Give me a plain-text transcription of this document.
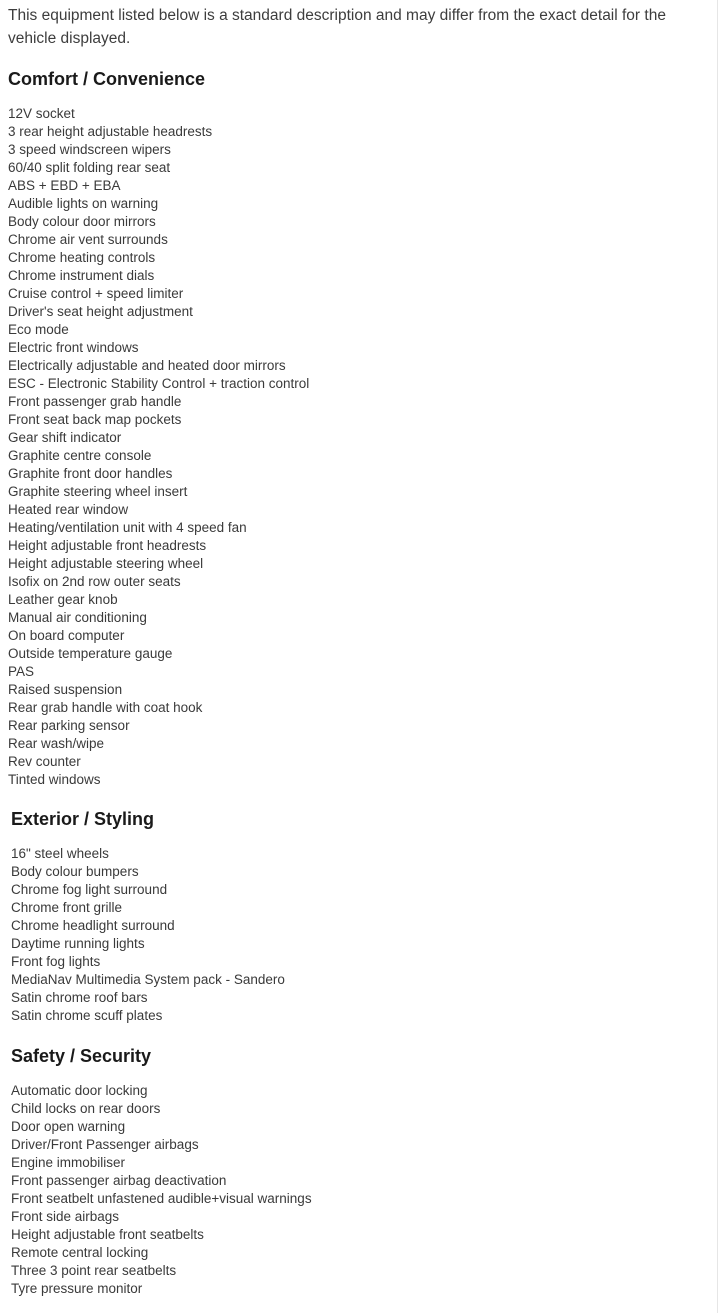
This equipment listed below is a standard description and may differ from the exact detail for the vehicle displayed.

Comfort / Convenience
12V socket
3 rear height adjustable headrests
3 speed windscreen wipers
60/40 split folding rear seat
ABS + EBD + EBA
Audible lights on warning
Body colour door mirrors
Chrome air vent surrounds
Chrome heating controls
Chrome instrument dials
Cruise control + speed limiter
Driver's seat height adjustment
Eco mode
Electric front windows
Electrically adjustable and heated door mirrors
ESC - Electronic Stability Control + traction control
Front passenger grab handle
Front seat back map pockets
Gear shift indicator
Graphite centre console
Graphite front door handles
Graphite steering wheel insert
Heated rear window
Heating/ventilation unit with 4 speed fan
Height adjustable front headrests
Height adjustable steering wheel
Isofix on 2nd row outer seats
Leather gear knob
Manual air conditioning
On board computer
Outside temperature gauge
PAS
Raised suspension
Rear grab handle with coat hook
Rear parking sensor
Rear wash/wipe
Rev counter
Tinted windows
Exterior / Styling
16" steel wheels
Body colour bumpers
Chrome fog light surround
Chrome front grille
Chrome headlight surround
Daytime running lights
Front fog lights
MediaNav Multimedia System pack - Sandero
Satin chrome roof bars
Satin chrome scuff plates
Safety / Security
Automatic door locking
Child locks on rear doors
Door open warning
Driver/Front Passenger airbags
Engine immobiliser
Front passenger airbag deactivation
Front seatbelt unfastened audible+visual warnings
Front side airbags
Height adjustable front seatbelts
Remote central locking
Three 3 point rear seatbelts
Tyre pressure monitor
